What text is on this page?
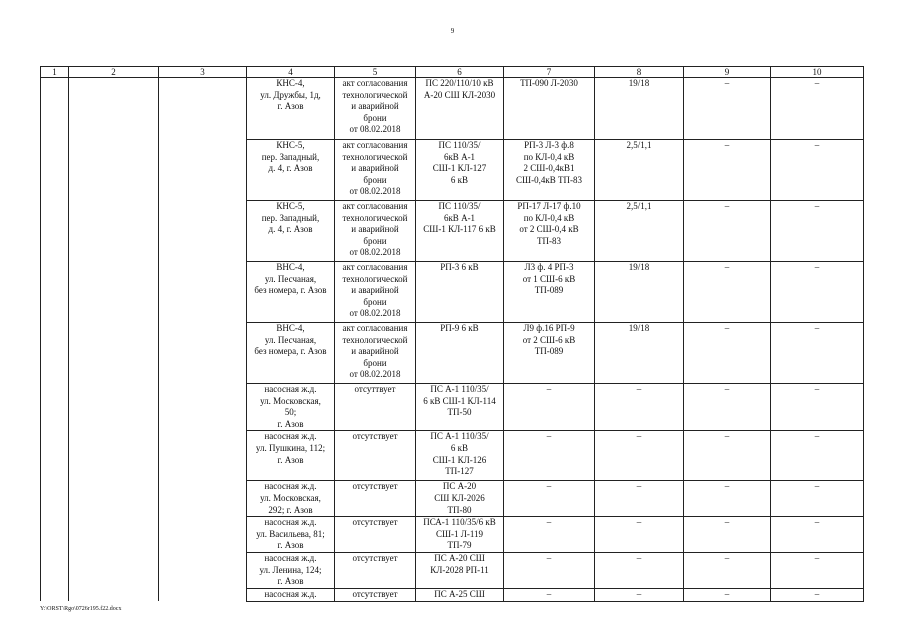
9
1	2	3	4	5	6	7	8	9	10
			КНС-4,
ул. Дружбы, 1д,
г. Азов	акт согласования
технологической
и аварийной
брони
от 08.02.2018	ПС 220/110/10 кВ
А-20 СШ КЛ-2030	ТП-090 Л-2030	19/18	–	–
			КНС-5,
пер. Западный,
д. 4, г. Азов	акт согласования
технологической
и аварийной
брони
от 08.02.2018	ПС 110/35/
6кВ А-1
СШ-1 КЛ-127
6 кВ	РП-3 Л-3 ф.8
по КЛ-0,4 кВ
2 СШ-0,4кВ1
СШ-0,4кВ ТП-83	2,5/1,1	–	–
			КНС-5,
пер. Западный,
д. 4, г. Азов	акт согласования
технологической
и аварийной
брони
от 08.02.2018	ПС 110/35/
6кВ А-1
СШ-1 КЛ-117 6 кВ	РП-17 Л-17 ф.10
по КЛ-0,4 кВ
от 2 СШ-0,4 кВ
ТП-83	2,5/1,1	–	–
			ВНС-4,
ул. Песчаная,
без номера, г. Азов	акт согласования
технологической
и аварийной
брони
от 08.02.2018	РП-3 6 кВ	Л3 ф. 4 РП-3
от 1 СШ-6 кВ
ТП-089	19/18	–	–
			ВНС-4,
ул. Песчаная,
без номера, г. Азов	акт согласования
технологической
и аварийной
брони
от 08.02.2018	РП-9 6 кВ	Л9 ф.16 РП-9
от 2 СШ-6 кВ
ТП-089	19/18	–	–
			насосная ж.д.
ул. Московская,
50;
г. Азов	отсуттвует	ПС А-1 110/35/
6 кВ СШ-1 КЛ-114
ТП-50	–	–	–	–
			насосная ж.д.
ул. Пушкина, 112;
г. Азов	отсутствует	ПС А-1 110/35/
6 кВ
СШ-1 КЛ-126
ТП-127	–	–	–	–
			насосная ж.д.
ул. Московская,
292; г. Азов	отсутствует	ПС А-20
СШ КЛ-2026
ТП-80	–	–	–	–
			насосная ж.д.
ул. Васильева, 81;
г. Азов	отсутствует	ПСА-1 110/35/6 кВ
СШ-1 Л-119
ТП-79	–	–	–	–
			насосная ж.д.
ул. Ленина, 124;
г. Азов	отсутствует	ПС А-20 СШ
КЛ-2028 РП-11	–	–	–	–
			насосная ж.д.	отсутствует	ПС А-25 СШ	–	–	–	–
Y:\ORST\Rgo\0726r195.f22.docx
